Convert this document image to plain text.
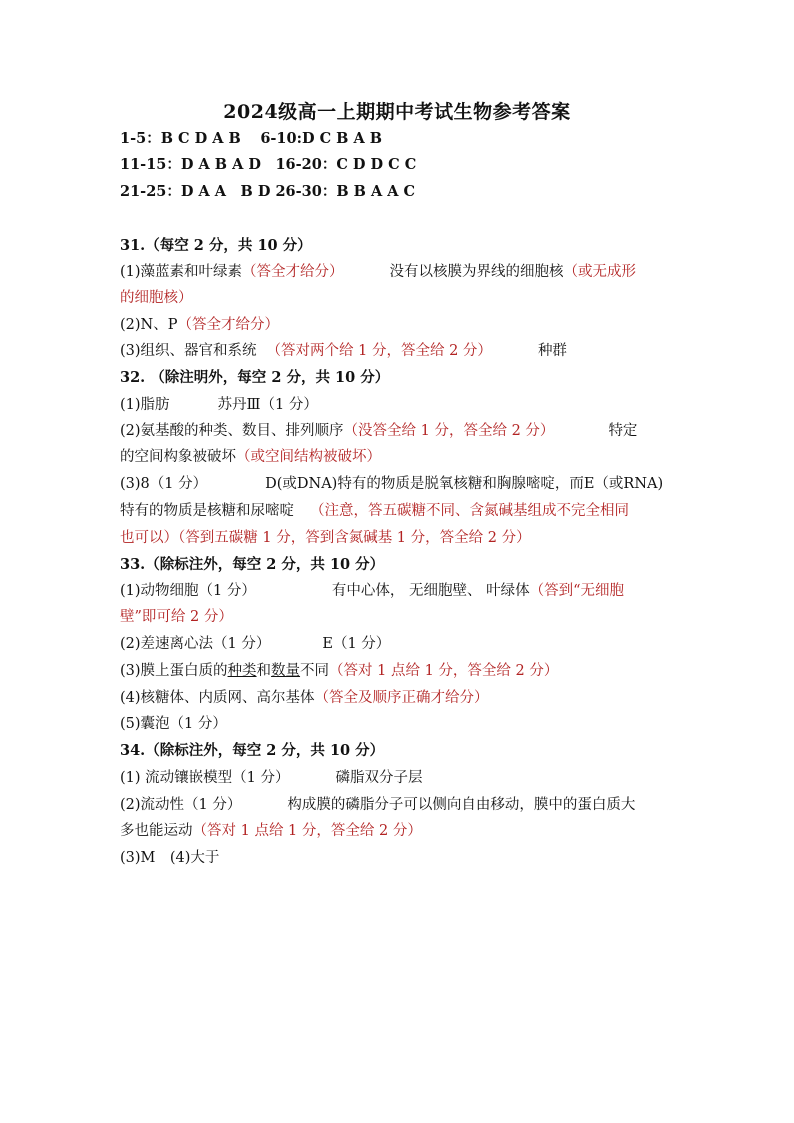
2024级高一上期期中考试生物参考答案
1-5：B C D A B　 6-10:D C B A B
11-15：D A B A D　16-20：C D D C C
21-25：D A A　B D 26-30：B B A A C
31.（每空 2 分，共 10 分）
(1)藻蓝素和叶绿素（答全才给分）	没有以核膜为界线的细胞核（或无成形
的细胞核）
(2)N、P（答全才给分）
(3)组织、器官和系统 （答对两个给 1 分，答全给 2 分）	种群
32. （除注明外，每空 2 分，共 10 分）
(1)脂肪	苏丹Ⅲ（1 分）
(2)氨基酸的种类、数目、排列顺序（没答全给 1 分，答全给 2 分）	特定
的空间构象被破坏（或空间结构被破坏）
(3)8（1 分）	D(或DNA)特有的物质是脱氧核糖和胸腺嘧啶，而E（或RNA)
特有的物质是核糖和尿嘧啶 （注意，答五碳糖不同、含氮碱基组成不完全相同
也可以）（答到五碳糖 1 分，答到含氮碱基 1 分，答全给 2 分）
33.（除标注外，每空 2 分，共 10 分）
(1)动物细胞（1 分）	有中心体， 无细胞壁、 叶绿体（答到“无细胞
壁”即可给 2 分）
(2)差速离心法（1 分）	E（1 分）
(3)膜上蛋白质的种类和数量不同（答对 1 点给 1 分，答全给 2 分）
(4)核糖体、内质网、高尔基体（答全及顺序正确才给分）
(5)囊泡（1 分）
34.（除标注外，每空 2 分，共 10 分）
(1) 流动镶嵌模型（1 分）	磷脂双分子层
(2)流动性（1 分）	构成膜的磷脂分子可以侧向自由移动，膜中的蛋白质大
多也能运动（答对 1 点给 1 分，答全给 2 分）
(3)M　(4)大于
